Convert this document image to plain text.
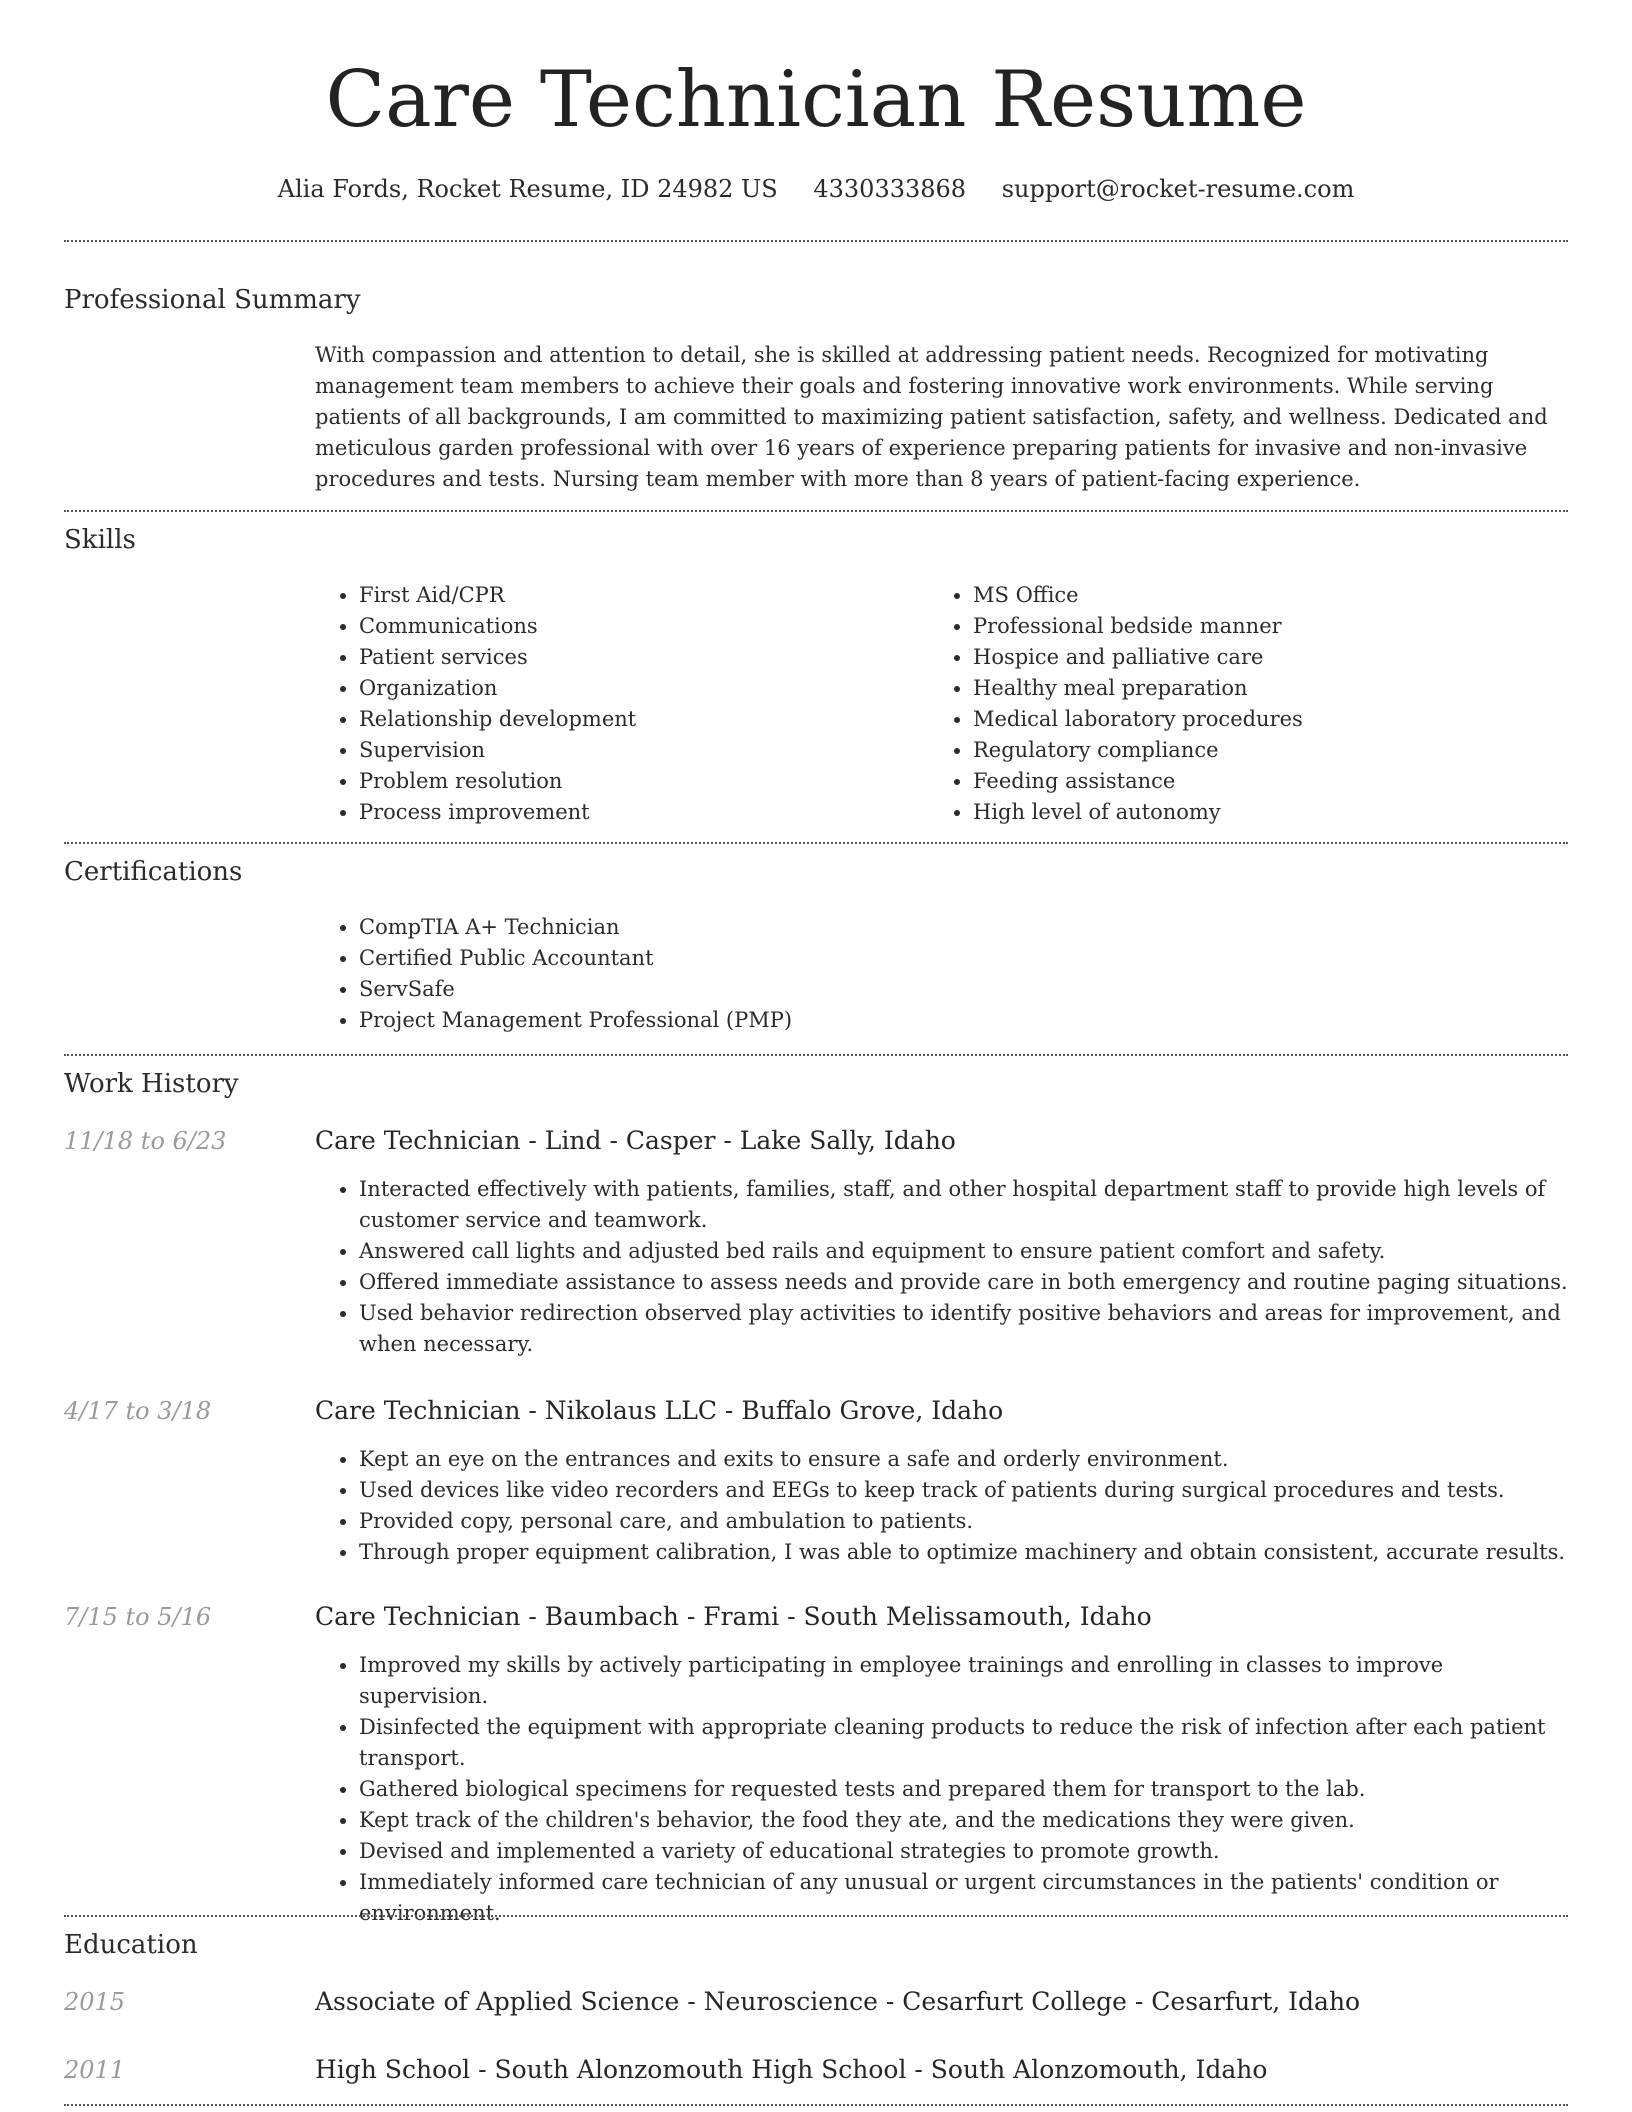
Care Technician Resume
Alia Fords, Rocket Resume, ID 24982 US 4330333868 support@rocket-resume.com
Professional Summary
With compassion and attention to detail, she is skilled at addressing patient needs. Recognized for motivating management team members to achieve their goals and fostering innovative work environments. While serving patients of all backgrounds, I am committed to maximizing patient satisfaction, safety, and wellness. Dedicated and meticulous garden professional with over 16 years of experience preparing patients for invasive and non-invasive procedures and tests. Nursing team member with more than 8 years of patient-facing experience.
Skills
• First Aid/CPR
• Communications
• Patient services
• Organization
• Relationship development
• Supervision
• Problem resolution
• Process improvement
• MS Office
• Professional bedside manner
• Hospice and palliative care
• Healthy meal preparation
• Medical laboratory procedures
• Regulatory compliance
• Feeding assistance
• High level of autonomy
Certifications
• CompTIA A+ Technician
• Certified Public Accountant
• ServSafe
• Project Management Professional (PMP)
Work History
11/18 to 6/23	Care Technician - Lind - Casper - Lake Sally, Idaho
• Interacted effectively with patients, families, staff, and other hospital department staff to provide high levels of customer service and teamwork.
• Answered call lights and adjusted bed rails and equipment to ensure patient comfort and safety.
• Offered immediate assistance to assess needs and provide care in both emergency and routine paging situations.
• Used behavior redirection observed play activities to identify positive behaviors and areas for improvement, and when necessary.
4/17 to 3/18	Care Technician - Nikolaus LLC - Buffalo Grove, Idaho
• Kept an eye on the entrances and exits to ensure a safe and orderly environment.
• Used devices like video recorders and EEGs to keep track of patients during surgical procedures and tests.
• Provided copy, personal care, and ambulation to patients.
• Through proper equipment calibration, I was able to optimize machinery and obtain consistent, accurate results.
7/15 to 5/16	Care Technician - Baumbach - Frami - South Melissamouth, Idaho
• Improved my skills by actively participating in employee trainings and enrolling in classes to improve supervision.
• Disinfected the equipment with appropriate cleaning products to reduce the risk of infection after each patient transport.
• Gathered biological specimens for requested tests and prepared them for transport to the lab.
• Kept track of the children's behavior, the food they ate, and the medications they were given.
• Devised and implemented a variety of educational strategies to promote growth.
• Immediately informed care technician of any unusual or urgent circumstances in the patients' condition or environment.
Education
2015	Associate of Applied Science - Neuroscience - Cesarfurt College - Cesarfurt, Idaho
2011	High School - South Alonzomouth High School - South Alonzomouth, Idaho
